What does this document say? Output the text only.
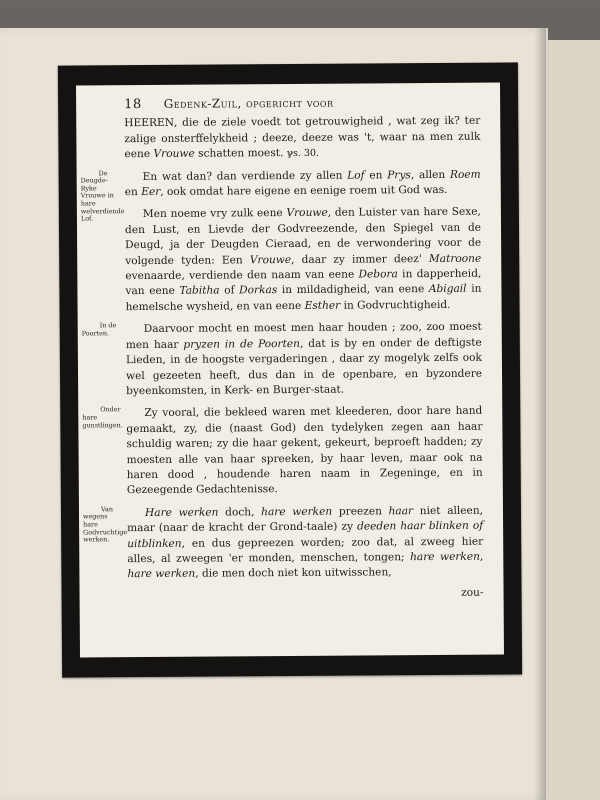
18 Gedenk-Zuil, opgericht voor

HEEREN, die de ziele voedt tot getrouwigheid , wat zeg ik? ter zalige onsterffelykheid ; deeze, deeze was 't, waar na men zulk eene Vrouwe schatten moest. ℽs. 30.

De Deugde-Ryke Vrouwe in hare welverdiende Lof.
En wat dan? dan verdiende zy allen Lof en Prys, allen Roem en Eer, ook omdat hare eigene en eenige roem uit God was.

Men noeme vry zulk eene Vrouwe, den Luister van hare Sexe, den Lust, en Lievde der Godvreezende, den Spiegel van de Deugd, ja der Deugden Cieraad, en de verwondering voor de volgende tyden: Een Vrouwe, daar zy immer deez' Matroone evenaarde, verdiende den naam van eene Debora in dapperheid, van eene Tabitha of Dorkas in mildadigheid, van eene Abigail in hemelsche wysheid, en van eene Esther in Godvruchtigheid.

In de Poorten.	Daarvoor mocht en moest men haar houden ; zoo, zoo moest men haar pryzen in de Poorten, dat is by en onder de deftigste Lieden, in de hoogste vergaderingen , daar zy mogelyk zelfs ook wel gezeeten heeft, dus dan in de openbare, en byzondere byeenkomsten, in Kerk- en Burger-staat.

Onder hare gunstlingen.
Zy vooral, die bekleed waren met kleederen, door hare hand gemaakt, zy, die (naast God) den tydelyken zegen aan haar schuldig waren; zy die haar gekent, gekeurt, beproeft hadden; zy moesten alle van haar spreeken, by haar leven, maar ook na haren dood , houdende haren naam in Zegeninge, en in Gezeegende Gedachtenisse.

Van wegens hare Godvruchtige werken.
Hare werken doch, hare werken preezen haar niet alleen, maar (naar de kracht der Grond-taale) zy deeden haar blinken of uitblinken, en dus gepreezen worden; zoo dat, al zweeg hier alles, al zweegen 'er monden, menschen, tongen; hare werken, hare werken, die men doch niet kon uitwisschen,

zou-
